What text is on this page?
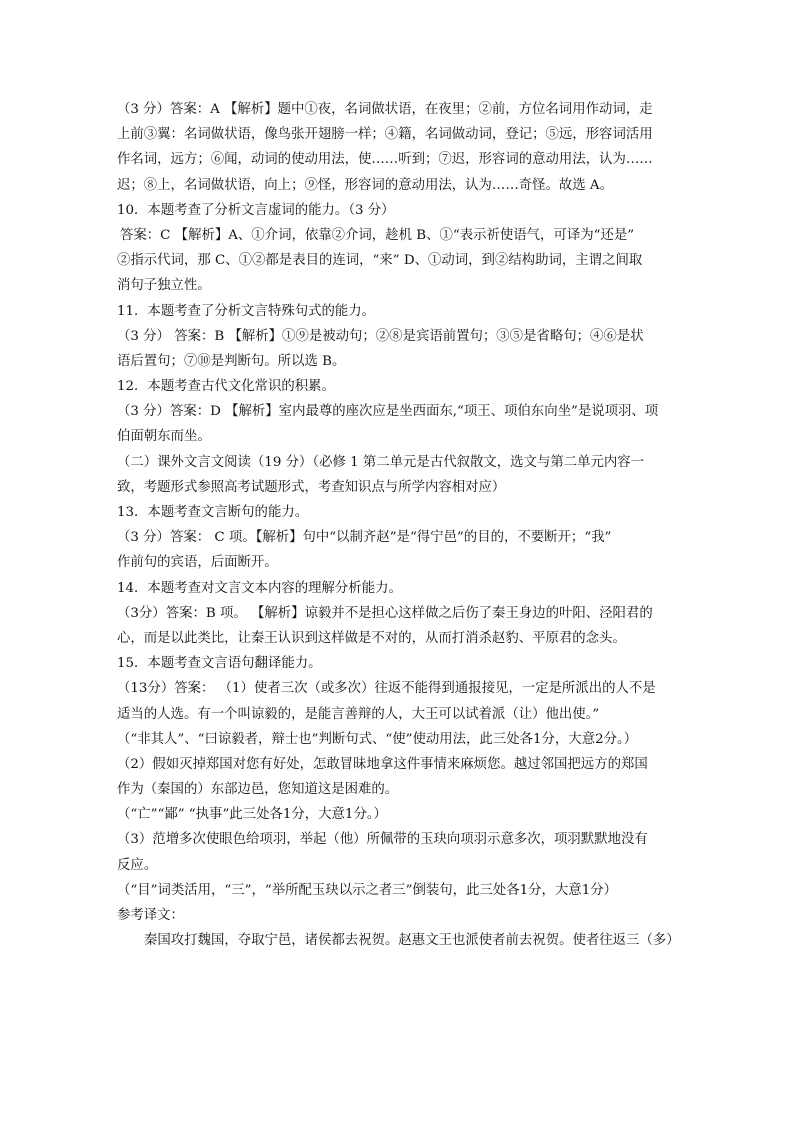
（3 分）答案：A 【解析】题中①夜，名词做状语，在夜里；②前，方位名词用作动词，走
上前③翼：名词做状语，像鸟张开翅膀一样；④籍，名词做动词，登记；⑤远，形容词活用
作名词，远方；⑥闻，动词的使动用法，使……听到；⑦迟，形容词的意动用法，认为……
迟；⑧上，名词做状语，向上；⑨怪，形容词的意动用法，认为……奇怪。故选 A。
10．本题考查了分析文言虚词的能力。（3 分）
答案：C 【解析】A、①介词，依靠②介词，趁机 B、①“表示祈使语气，可译为“还是”
②指示代词，那 C、①②都是表目的连词，“来” D、①动词，到②结构助词，主谓之间取
消句子独立性。
11．本题考查了分析文言特殊句式的能力。
（3 分） 答案：B 【解析】①⑨是被动句；②⑧是宾语前置句；③⑤是省略句；④⑥是状
语后置句；⑦⑩是判断句。所以选 B。
12．本题考查古代文化常识的积累。
（3 分）答案：D 【解析】室内最尊的座次应是坐西面东,“项王、项伯东向坐”是说项羽、项
伯面朝东而坐。
（二）课外文言文阅读（19 分）（必修 1 第二单元是古代叙散文，选文与第二单元内容一
致，考题形式参照高考试题形式，考查知识点与所学内容相对应）
13．本题考查文言断句的能力。
（3 分）答案： C 项。【解析】句中“以制齐赵”是“得宁邑”的目的，不要断开；“我”
作前句的宾语，后面断开。
14．本题考查对文言文本内容的理解分析能力。
（3分）答案：B 项。 【解析】谅毅并不是担心这样做之后伤了秦王身边的叶阳、泾阳君的
心，而是以此类比，让秦王认识到这样做是不对的，从而打消杀赵豹、平原君的念头。
15．本题考查文言语句翻译能力。
（13分）答案： （1）使者三次（或多次）往返不能得到通报接见，一定是所派出的人不是
适当的人选。有一个叫谅毅的，是能言善辩的人，大王可以试着派（让）他出使。”
（“非其人”、“曰谅毅者，辩士也”判断句式、“使”使动用法，此三处各1分，大意2分。）
（2）假如灭掉郑国对您有好处，怎敢冒昧地拿这件事情来麻烦您。越过邻国把远方的郑国
作为（秦国的）东部边邑，您知道这是困难的。
（“亡”“鄙” “执事”此三处各1分，大意1分。）
（3）范增多次使眼色给项羽，举起（他）所佩带的玉玦向项羽示意多次，项羽默默地没有
反应。
（“目”词类活用，“三”，“举所配玉玦以示之者三”倒装句，此三处各1分，大意1分）
参考译文：
秦国攻打魏国，夺取宁邑，诸侯都去祝贺。赵惠文王也派使者前去祝贺。使者往返三（多）
